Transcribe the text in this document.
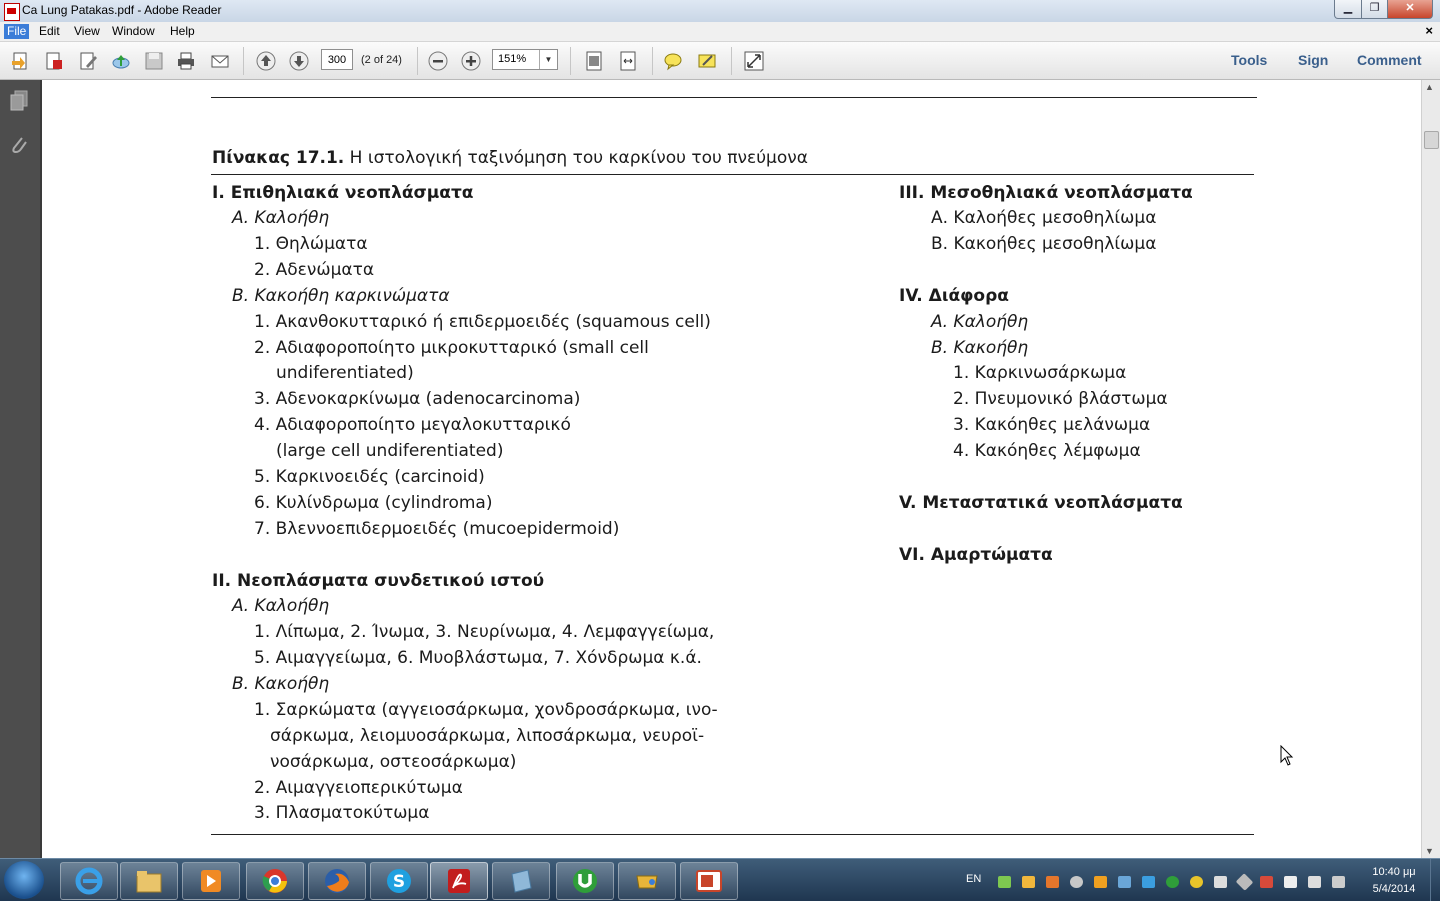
Ca Lung Patakas.pdf - Adobe Reader	▁	❐	✕
File Edit View Window Help	×
300	(2 of 24)	151%	▼	Tools Sign Comment
Πίνακας 17.1. Η ιστολογική ταξινόμηση του καρκίνου του πνεύμονα
Ι. Επιθηλιακά νεοπλάσματα
Α. Καλοήθη
1. Θηλώματα
2. Αδενώματα
Β. Κακοήθη καρκινώματα
1. Ακανθοκυτταρικό ή επιδερμοειδές (squamous cell)
2. Αδιαφοροποίητο μικροκυτταρικό (small cell
undiferentiated)
3. Αδενοκαρκίνωμα (adenocarcinoma)
4. Αδιαφοροποίητο μεγαλοκυτταρικό
(large cell undiferentiated)
5. Καρκινοειδές (carcinoid)
6. Κυλίνδρωμα (cylindroma)
7. Βλεννοεπιδερμοειδές (mucoepidermoid)
ΙΙ. Νεοπλάσματα συνδετικού ιστού
Α. Καλοήθη
1. Λίπωμα, 2. Ίνωμα, 3. Νευρίνωμα, 4. Λεμφαγγείωμα,
5. Αιμαγγείωμα, 6. Μυοβλάστωμα, 7. Χόνδρωμα κ.ά.
Β. Κακοήθη
1. Σαρκώματα (αγγειοσάρκωμα, χονδροσάρκωμα, ινο-
σάρκωμα, λειομυοσάρκωμα, λιποσάρκωμα, νευροϊ-
νοσάρκωμα, οστεοσάρκωμα)
2. Αιμαγγειοπερικύτωμα
3. Πλασματοκύτωμα
ΙΙΙ. Μεσοθηλιακά νεοπλάσματα
Α. Καλοήθες μεσοθηλίωμα
Β. Κακοήθες μεσοθηλίωμα
ΙV. Διάφορα
Α. Καλοήθη
Β. Κακοήθη
1. Καρκινωσάρκωμα
2. Πνευμονικό βλάστωμα
3. Κακόηθες μελάνωμα
4. Κακόηθες λέμφωμα
V. Μεταστατικά νεοπλάσματα
VI. Αμαρτώματα
▲
▼
S	EN
10:40 μμ
5/4/2014
